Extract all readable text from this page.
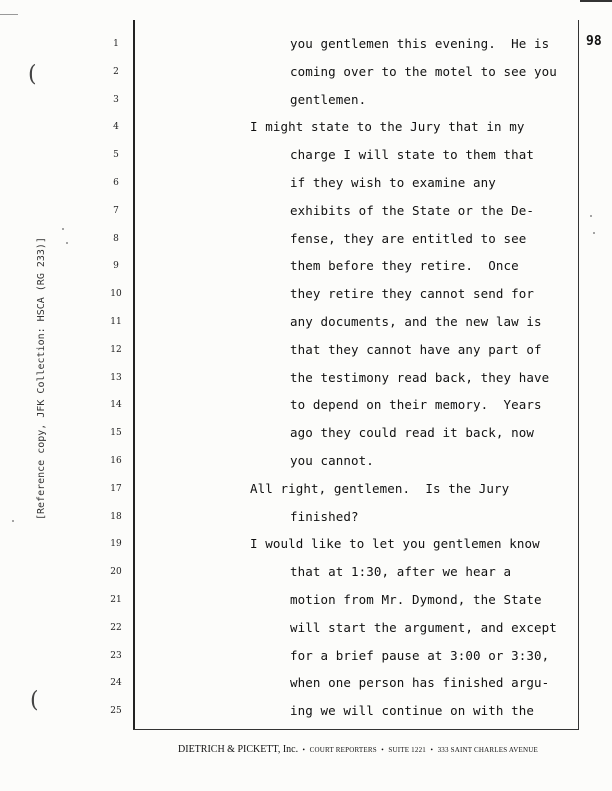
98
1	you gentlemen this evening.  He is
2	coming over to the motel to see you
3	gentlemen.
4	I might state to the Jury that in my
5	charge I will state to them that
6	if they wish to examine any
7	exhibits of the State or the De-
8	fense, they are entitled to see
9	them before they retire.  Once
10	they retire they cannot send for
11	any documents, and the new law is
12	that they cannot have any part of
13	the testimony read back, they have
14	to depend on their memory.  Years
15	ago they could read it back, now
16	you cannot.
17	All right, gentlemen.  Is the Jury
18	finished?
19	I would like to let you gentlemen know
20	that at 1:30, after we hear a
21	motion from Mr. Dymond, the State
22	will start the argument, and except
23	for a brief pause at 3:00 or 3:30,
24	when one person has finished argu-
25	ing we will continue on with the
[Reference copy, JFK Collection: HSCA (RG 233)]
(
(
DIETRICH & PICKETT, Inc.  •  COURT REPORTERS  •  SUITE 1221  •  333 SAINT CHARLES AVENUE
